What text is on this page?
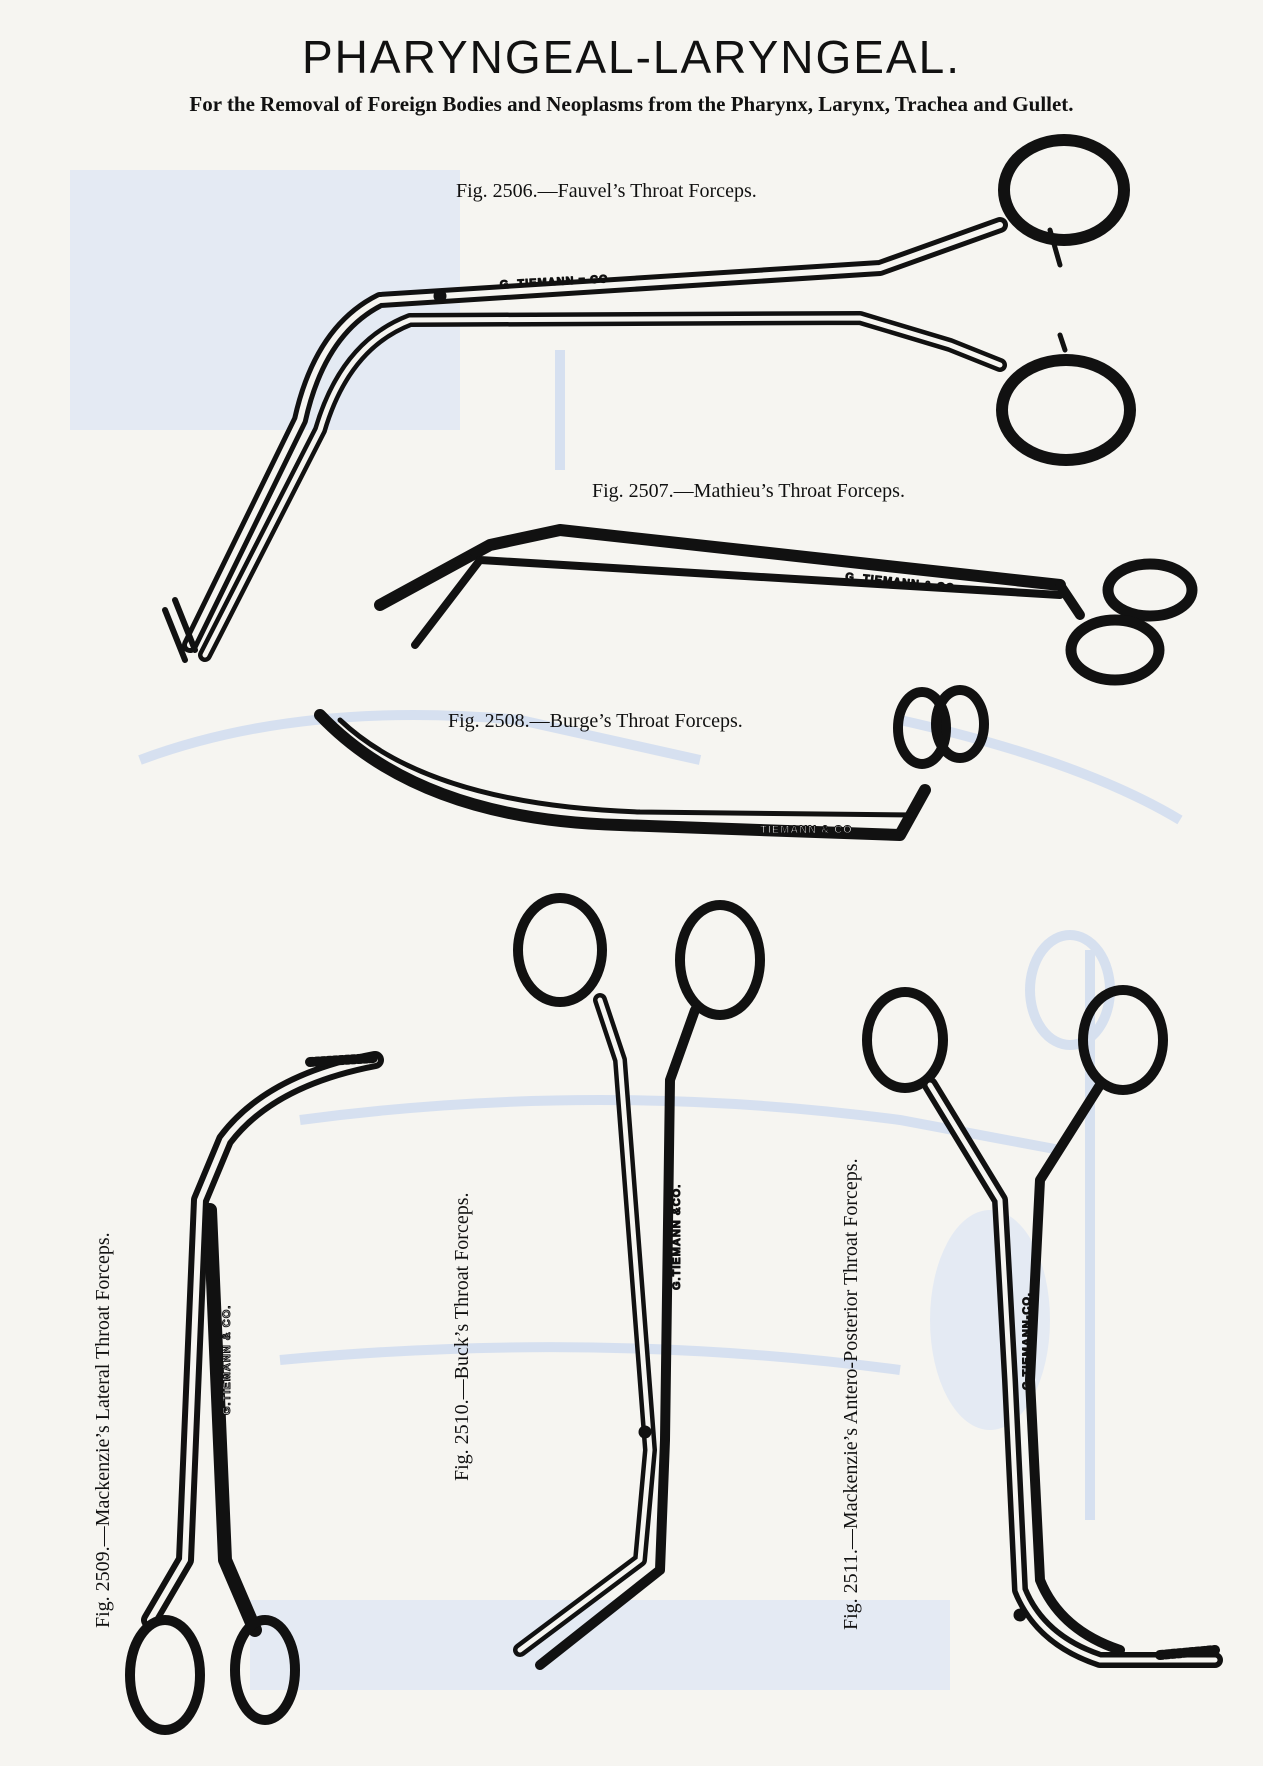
PHARYNGEAL-LARYNGEAL.
For the Removal of Foreign Bodies and Neoplasms from the Pharynx, Larynx, Trachea and Gullet.
Fig. 2506.—Fauvel’s Throat Forceps.
Fig. 2507.—Mathieu’s Throat Forceps.
Fig. 2508.—Burge’s Throat Forceps.
Fig. 2509.—Mackenzie’s Lateral Throat Forceps.	Fig. 2510.—Buck’s Throat Forceps.	Fig. 2511.—Mackenzie’s Antero-Posterior Throat Forceps.
G. TIEMANN = CO
G. TIEMANN & CO.
TIEMANN & CO
G.TIEMANN & CO.
G.TIEMANN &CO.
G.TIEMANN-CO.
